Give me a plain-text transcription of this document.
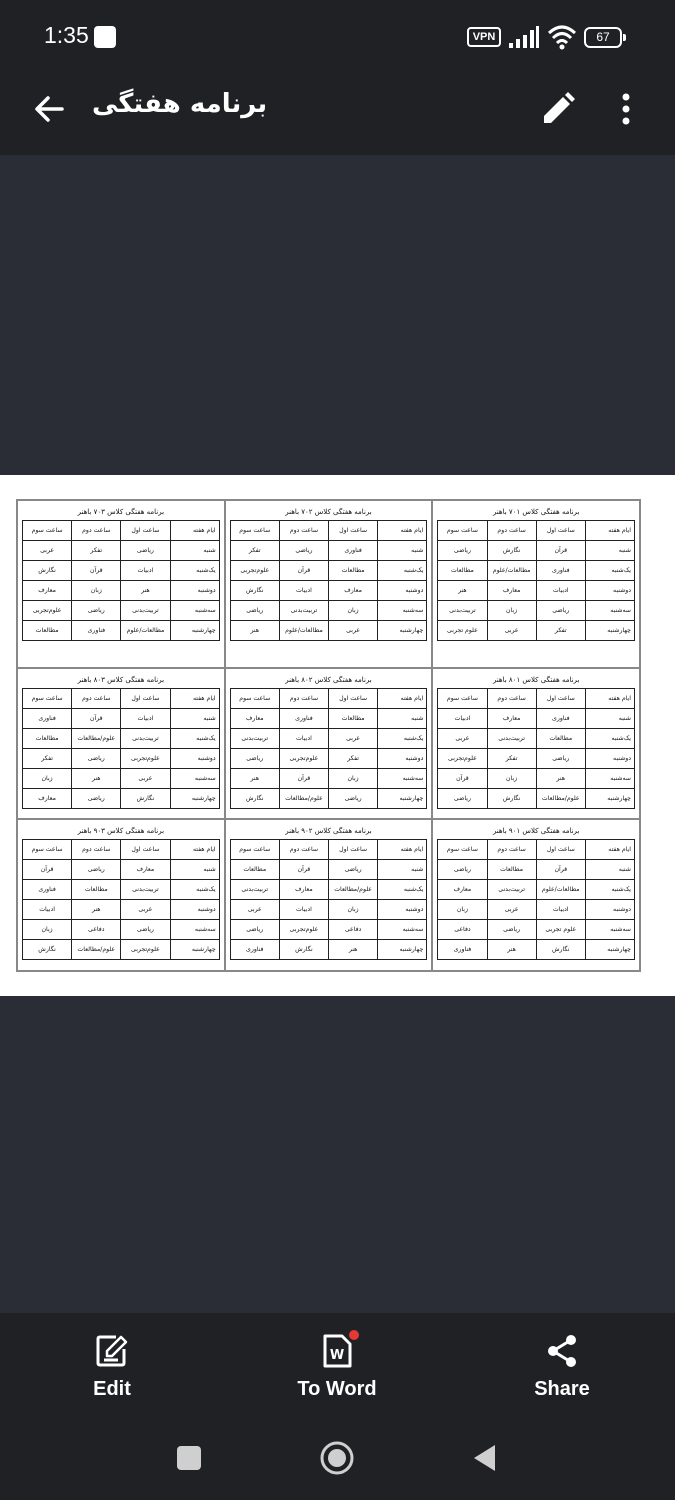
1:35	VPN	67
برنامه هفتگی
برنامه هفتگی کلاس ۷۰۳ باهنر
ایام هفته	ساعت اول	ساعت دوم	ساعت سوم
شنبه	ریاضی	تفکر	عربی
یک‌شنبه	ادبیات	قرآن	نگارش
دوشنبه	هنر	زبان	معارف
سه‌شنبه	تربیت‌بدنی	ریاضی	علوم‌تجربی
چهارشنبه	مطالعات/علوم	فناوری	مطالعات
برنامه هفتگی کلاس ۷۰۲ باهنر
ایام هفته	ساعت اول	ساعت دوم	ساعت سوم
شنبه	فناوری	ریاضی	تفکر
یک‌شنبه	مطالعات	قرآن	علوم‌تجربی
دوشنبه	معارف	ادبیات	نگارش
سه‌شنبه	زبان	تربیت‌بدنی	ریاضی
چهارشنبه	عربی	مطالعات/علوم	هنر
برنامه هفتگی کلاس ۷۰۱ باهنر
ایام هفته	ساعت اول	ساعت دوم	ساعت سوم
شنبه	قرآن	نگارش	ریاضی
یک‌شنبه	فناوری	مطالعات/علوم	مطالعات
دوشنبه	ادبیات	معارف	هنر
سه‌شنبه	ریاضی	زبان	تربیت‌بدنی
چهارشنبه	تفکر	عربی	علوم تجربی
برنامه هفتگی کلاس ۸۰۳ باهنر
ایام هفته	ساعت اول	ساعت دوم	ساعت سوم
شنبه	ادبیات	قرآن	فناوری
یک‌شنبه	تربیت‌بدنی	علوم/مطالعات	مطالعات
دوشنبه	علوم‌تجربی	ریاضی	تفکر
سه‌شنبه	عربی	هنر	زبان
چهارشنبه	نگارش	ریاضی	معارف
برنامه هفتگی کلاس ۸۰۲ باهنر
ایام هفته	ساعت اول	ساعت دوم	ساعت سوم
شنبه	مطالعات	فناوری	معارف
یک‌شنبه	عربی	ادبیات	تربیت‌بدنی
دوشنبه	تفکر	علوم‌تجربی	ریاضی
سه‌شنبه	زبان	قرآن	هنر
چهارشنبه	ریاضی	علوم/مطالعات	نگارش
برنامه هفتگی کلاس ۸۰۱ باهنر
ایام هفته	ساعت اول	ساعت دوم	ساعت سوم
شنبه	فناوری	معارف	ادبیات
یک‌شنبه	مطالعات	تربیت‌بدنی	عربی
دوشنبه	ریاضی	تفکر	علوم‌تجربی
سه‌شنبه	هنر	زبان	قرآن
چهارشنبه	علوم/مطالعات	نگارش	ریاضی
برنامه هفتگی کلاس ۹۰۳ باهنر
ایام هفته	ساعت اول	ساعت دوم	ساعت سوم
شنبه	معارف	ریاضی	قرآن
یک‌شنبه	تربیت‌بدنی	مطالعات	فناوری
دوشنبه	عربی	هنر	ادبیات
سه‌شنبه	ریاضی	دفاعی	زبان
چهارشنبه	علوم‌تجربی	علوم/مطالعات	نگارش
برنامه هفتگی کلاس ۹۰۲ باهنر
ایام هفته	ساعت اول	ساعت دوم	ساعت سوم
شنبه	ریاضی	قرآن	مطالعات
یک‌شنبه	علوم/مطالعات	معارف	تربیت‌بدنی
دوشنبه	زبان	ادبیات	عربی
سه‌شنبه	دفاعی	علوم‌تجربی	ریاضی
چهارشنبه	هنر	نگارش	فناوری
برنامه هفتگی کلاس ۹۰۱ باهنر
ایام هفته	ساعت اول	ساعت دوم	ساعت سوم
شنبه	قرآن	مطالعات	ریاضی
یک‌شنبه	مطالعات/علوم	تربیت‌بدنی	معارف
دوشنبه	ادبیات	عربی	زبان
سه‌شنبه	علوم تجربی	ریاضی	دفاعی
چهارشنبه	نگارش	هنر	فناوری
Edit
W
To Word	Share
